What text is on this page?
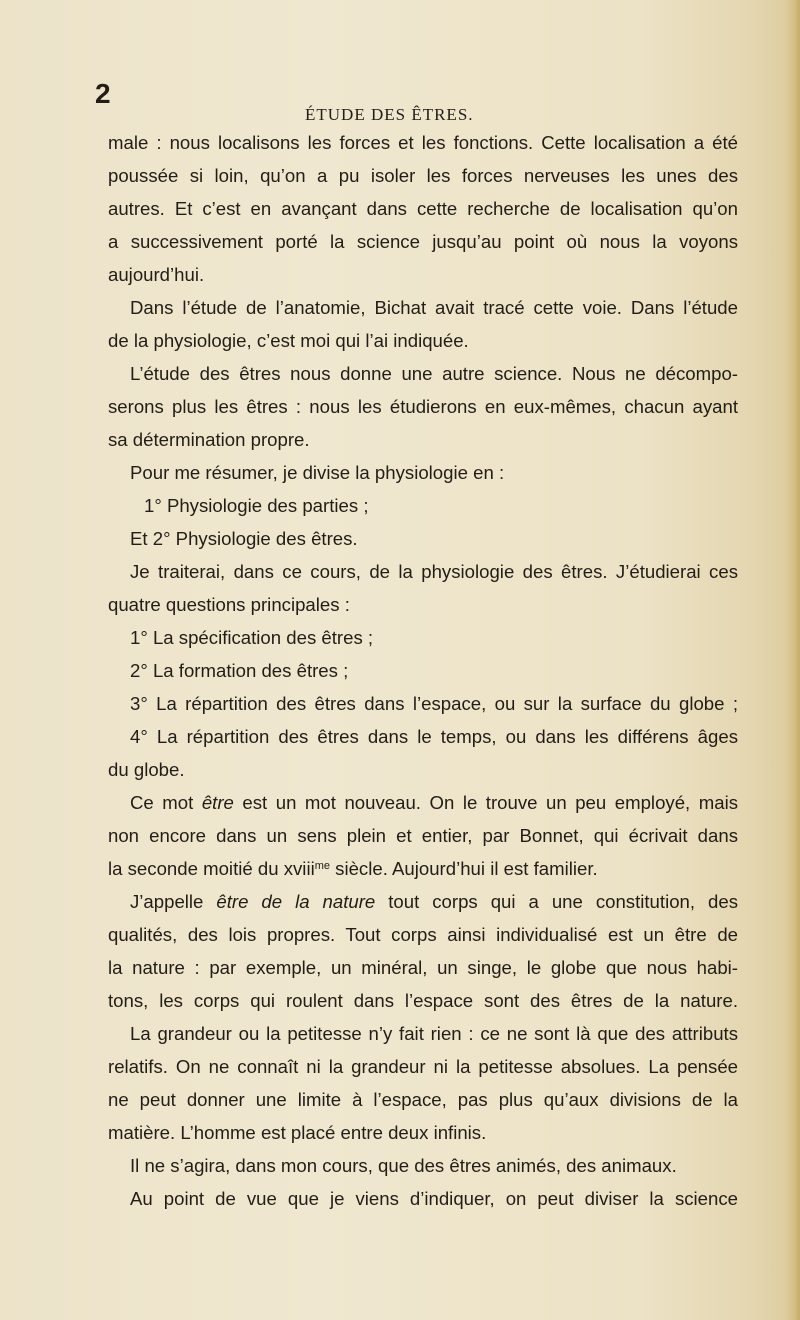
2
ÉTUDE DES ÊTRES.
male : nous localisons les forces et les fonctions. Cette localisation a été
poussée si loin, qu’on a pu isoler les forces nerveuses les unes des
autres. Et c’est en avançant dans cette recherche de localisation qu’on
a successivement porté la science jusqu’au point où nous la voyons
aujourd’hui.
Dans l’étude de l’anatomie, Bichat avait tracé cette voie. Dans l’étude
de la physiologie, c’est moi qui l’ai indiquée.
L’étude des êtres nous donne une autre science. Nous ne décompo-
serons plus les êtres : nous les étudierons en eux-mêmes, chacun ayant
sa détermination propre.
Pour me résumer, je divise la physiologie en :
1° Physiologie des parties ;
Et 2° Physiologie des êtres.
Je traiterai, dans ce cours, de la physiologie des êtres. J’étudierai ces
quatre questions principales :
1° La spécification des êtres ;
2° La formation des êtres ;
3° La répartition des êtres dans l’espace, ou sur la surface du globe ;
4° La répartition des êtres dans le temps, ou dans les différens âges
du globe.
Ce mot être est un mot nouveau. On le trouve un peu employé, mais
non encore dans un sens plein et entier, par Bonnet, qui écrivait dans
la seconde moitié du xviii$^{me}$ siècle. Aujourd’hui il est familier.
J’appelle être de la nature tout corps qui a une constitution, des
qualités, des lois propres. Tout corps ainsi individualisé est un être de
la nature : par exemple, un minéral, un singe, le globe que nous habi-
tons, les corps qui roulent dans l’espace sont des êtres de la nature.
La grandeur ou la petitesse n’y fait rien : ce ne sont là que des attributs
relatifs. On ne connaît ni la grandeur ni la petitesse absolues. La pensée
ne peut donner une limite à l’espace, pas plus qu’aux divisions de la
matière. L’homme est placé entre deux infinis.
Il ne s’agira, dans mon cours, que des êtres animés, des animaux.
Au point de vue que je viens d’indiquer, on peut diviser la science
